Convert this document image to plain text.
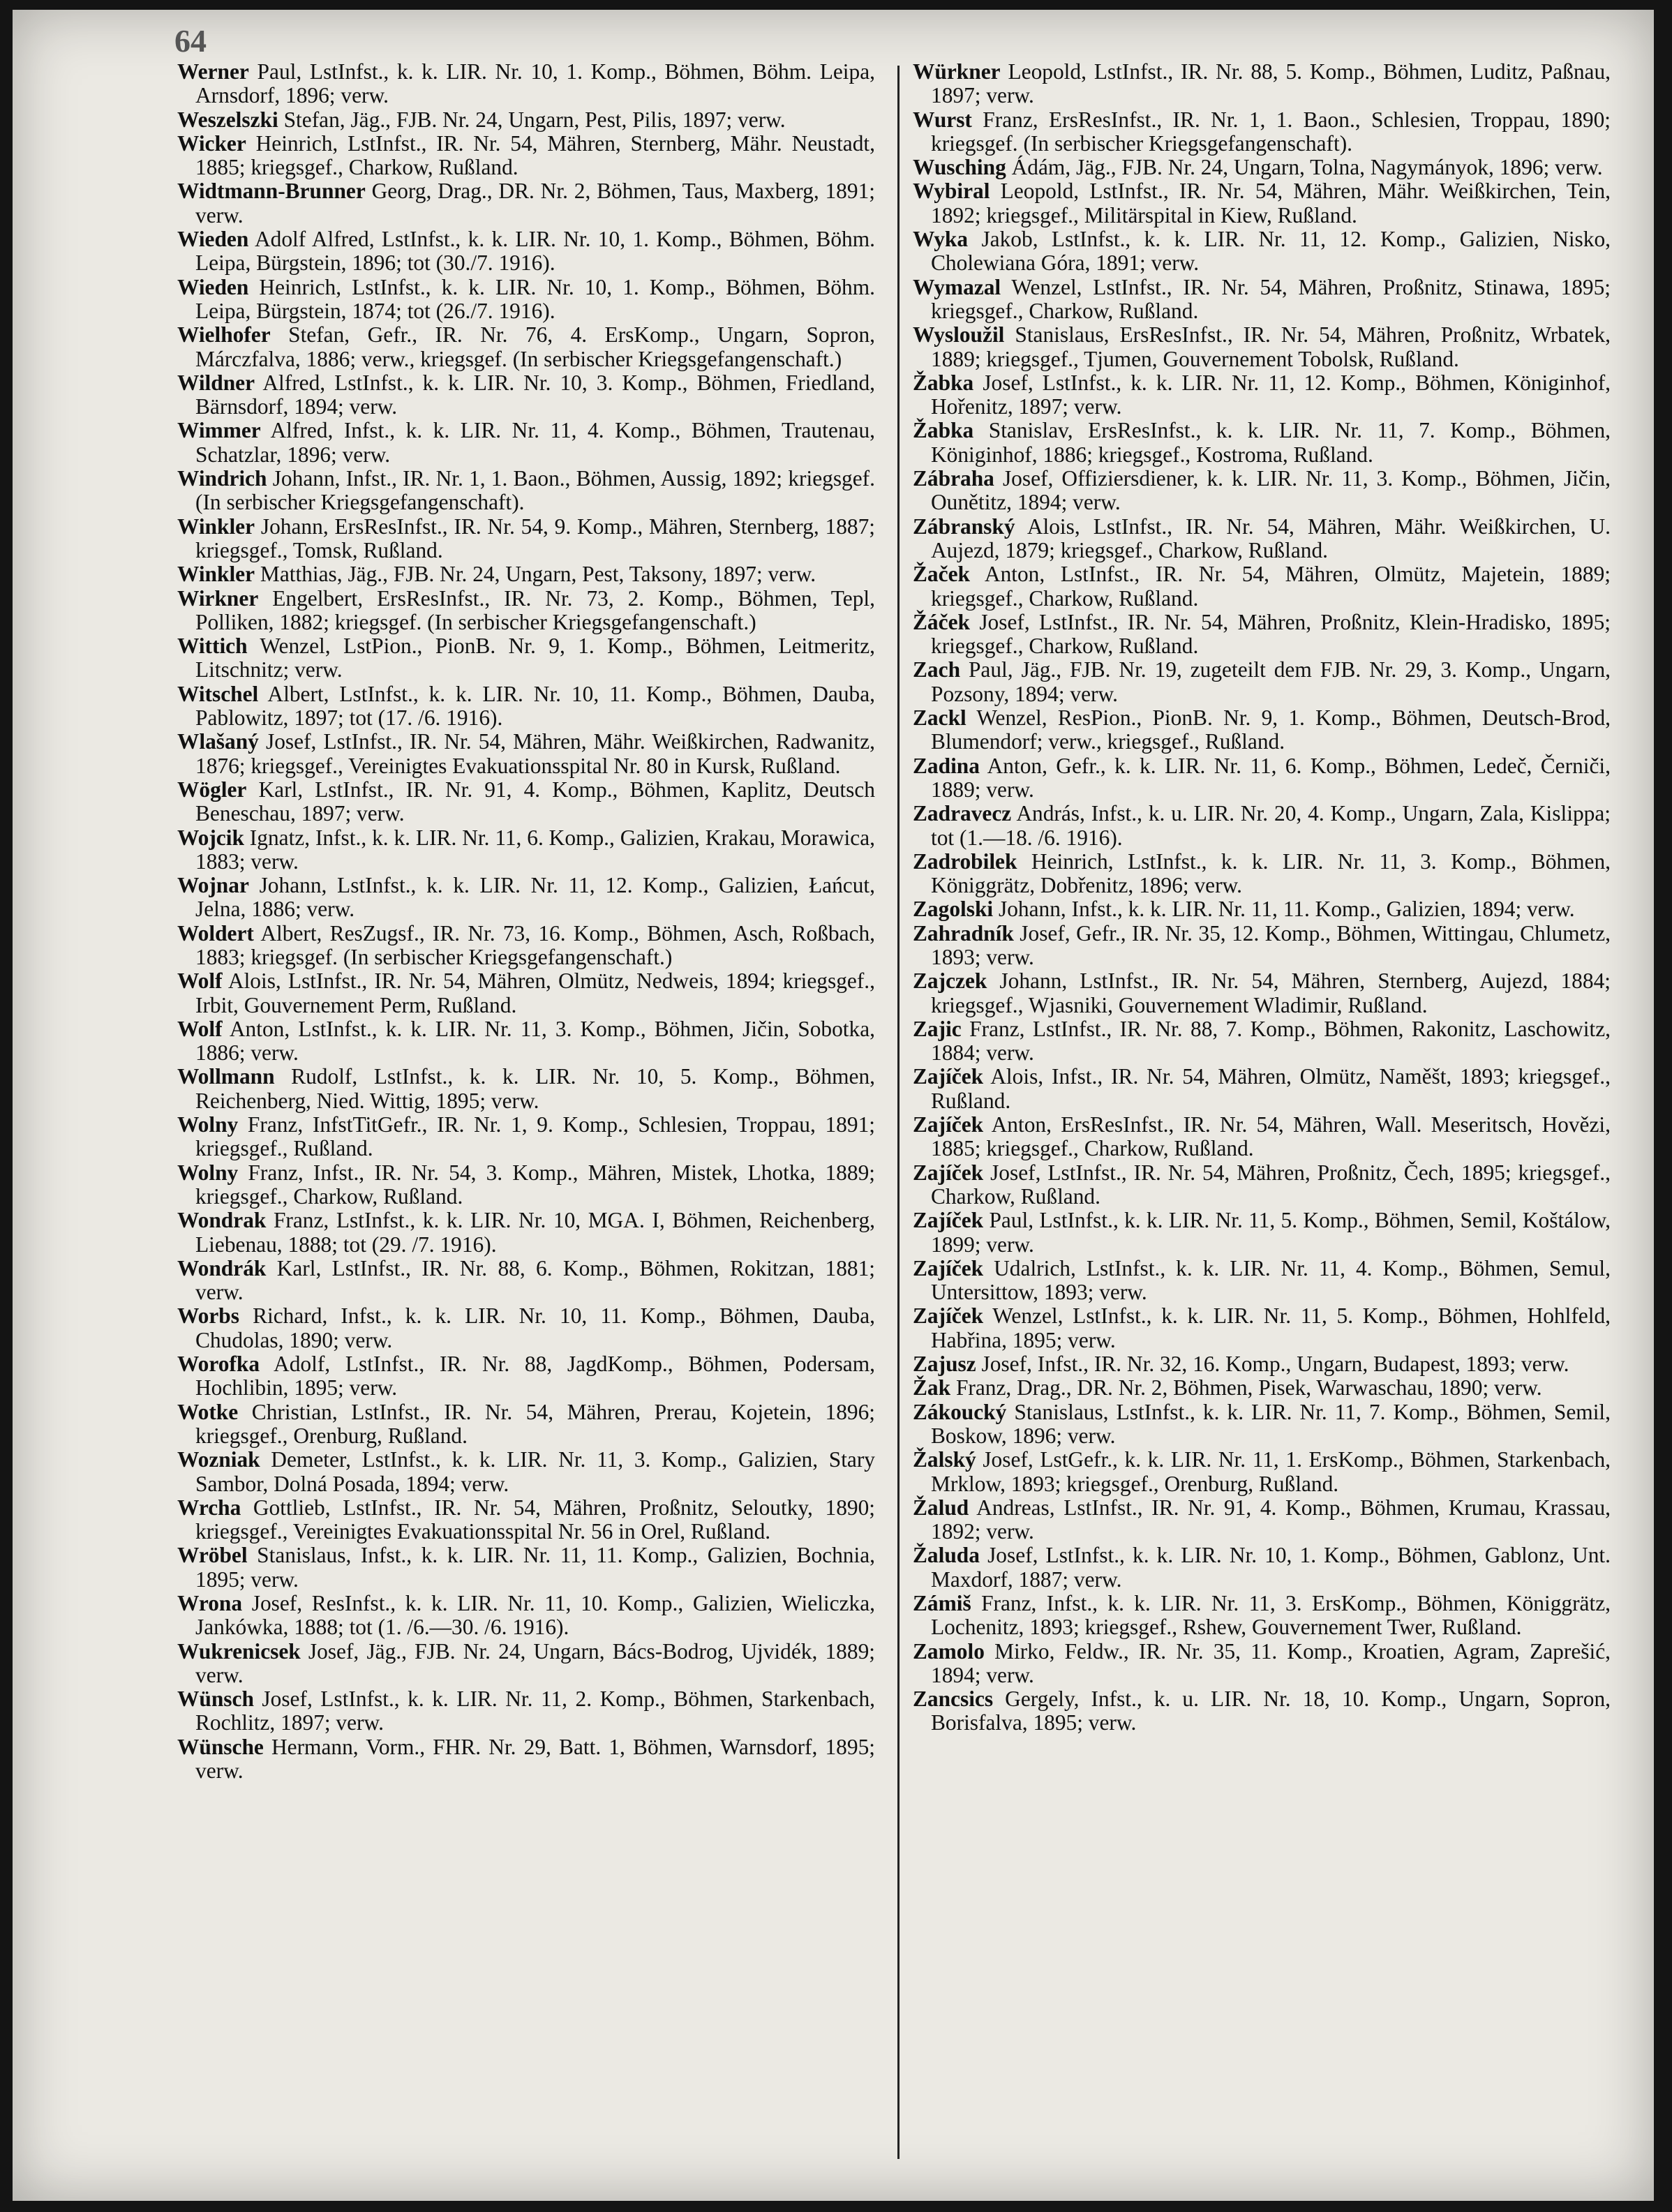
64

Werner Paul, LstInfst., k. k. LIR. Nr. 10, 1. Komp., Böhmen, Böhm. Leipa, Arnsdorf, 1896; verw.

Weszelszki Stefan, Jäg., FJB. Nr. 24, Ungarn, Pest, Pilis, 1897; verw.

Wicker Heinrich, LstInfst., IR. Nr. 54, Mähren, Sternberg, Mähr. Neustadt, 1885; kriegsgef., Charkow, Rußland.

Widtmann-Brunner Georg, Drag., DR. Nr. 2, Böhmen, Taus, Maxberg, 1891; verw.

Wieden Adolf Alfred, LstInfst., k. k. LIR. Nr. 10, 1. Komp., Böhmen, Böhm. Leipa, Bürgstein, 1896; tot (30./7. 1916).

Wieden Heinrich, LstInfst., k. k. LIR. Nr. 10, 1. Komp., Böhmen, Böhm. Leipa, Bürgstein, 1874; tot (26./7. 1916).

Wielhofer Stefan, Gefr., IR. Nr. 76, 4. ErsKomp., Ungarn, Sopron, Márczfalva, 1886; verw., kriegsgef. (In serbischer Kriegsgefangenschaft.)

Wildner Alfred, LstInfst., k. k. LIR. Nr. 10, 3. Komp., Böhmen, Friedland, Bärnsdorf, 1894; verw.

Wimmer Alfred, Infst., k. k. LIR. Nr. 11, 4. Komp., Böhmen, Trautenau, Schatzlar, 1896; verw.

Windrich Johann, Infst., IR. Nr. 1, 1. Baon., Böhmen, Aussig, 1892; kriegsgef. (In serbischer Kriegsgefangenschaft).

Winkler Johann, ErsResInfst., IR. Nr. 54, 9. Komp., Mähren, Sternberg, 1887; kriegsgef., Tomsk, Rußland.

Winkler Matthias, Jäg., FJB. Nr. 24, Ungarn, Pest, Taksony, 1897; verw.

Wirkner Engelbert, ErsResInfst., IR. Nr. 73, 2. Komp., Böhmen, Tepl, Polliken, 1882; kriegsgef. (In serbischer Kriegsgefangenschaft.)

Wittich Wenzel, LstPion., PionB. Nr. 9, 1. Komp., Böhmen, Leitmeritz, Litschnitz; verw.

Witschel Albert, LstInfst., k. k. LIR. Nr. 10, 11. Komp., Böhmen, Dauba, Pablowitz, 1897; tot (17. /6. 1916).

Wlašaný Josef, LstInfst., IR. Nr. 54, Mähren, Mähr. Weißkirchen, Radwanitz, 1876; kriegsgef., Vereinigtes Evakuationsspital Nr. 80 in Kursk, Rußland.

Wögler Karl, LstInfst., IR. Nr. 91, 4. Komp., Böhmen, Kaplitz, Deutsch Beneschau, 1897; verw.

Wojcik Ignatz, Infst., k. k. LIR. Nr. 11, 6. Komp., Galizien, Krakau, Morawica, 1883; verw.

Wojnar Johann, LstInfst., k. k. LIR. Nr. 11, 12. Komp., Galizien, Łańcut, Jelna, 1886; verw.

Woldert Albert, ResZugsf., IR. Nr. 73, 16. Komp., Böhmen, Asch, Roßbach, 1883; kriegsgef. (In serbischer Kriegsgefangenschaft.)

Wolf Alois, LstInfst., IR. Nr. 54, Mähren, Olmütz, Nedweis, 1894; kriegsgef., Irbit, Gouvernement Perm, Rußland.

Wolf Anton, LstInfst., k. k. LIR. Nr. 11, 3. Komp., Böhmen, Jičin, Sobotka, 1886; verw.

Wollmann Rudolf, LstInfst., k. k. LIR. Nr. 10, 5. Komp., Böhmen, Reichenberg, Nied. Wittig, 1895; verw.

Wolny Franz, InfstTitGefr., IR. Nr. 1, 9. Komp., Schlesien, Troppau, 1891; kriegsgef., Rußland.

Wolny Franz, Infst., IR. Nr. 54, 3. Komp., Mähren, Mistek, Lhotka, 1889; kriegsgef., Charkow, Rußland.

Wondrak Franz, LstInfst., k. k. LIR. Nr. 10, MGA. I, Böhmen, Reichenberg, Liebenau, 1888; tot (29. /7. 1916).

Wondrák Karl, LstInfst., IR. Nr. 88, 6. Komp., Böhmen, Rokitzan, 1881; verw.

Worbs Richard, Infst., k. k. LIR. Nr. 10, 11. Komp., Böhmen, Dauba, Chudolas, 1890; verw.

Worofka Adolf, LstInfst., IR. Nr. 88, JagdKomp., Böhmen, Podersam, Hochlibin, 1895; verw.

Wotke Christian, LstInfst., IR. Nr. 54, Mähren, Prerau, Kojetein, 1896; kriegsgef., Orenburg, Rußland.

Wozniak Demeter, LstInfst., k. k. LIR. Nr. 11, 3. Komp., Galizien, Stary Sambor, Dolná Posada, 1894; verw.

Wrcha Gottlieb, LstInfst., IR. Nr. 54, Mähren, Proßnitz, Seloutky, 1890; kriegsgef., Vereinigtes Evakuationsspital Nr. 56 in Orel, Rußland.

Wröbel Stanislaus, Infst., k. k. LIR. Nr. 11, 11. Komp., Galizien, Bochnia, 1895; verw.

Wrona Josef, ResInfst., k. k. LIR. Nr. 11, 10. Komp., Galizien, Wieliczka, Jankówka, 1888; tot (1. /6.—30. /6. 1916).

Wukrenicsek Josef, Jäg., FJB. Nr. 24, Ungarn, Bács-Bodrog, Ujvidék, 1889; verw.

Wünsch Josef, LstInfst., k. k. LIR. Nr. 11, 2. Komp., Böhmen, Starkenbach, Rochlitz, 1897; verw.

Wünsche Hermann, Vorm., FHR. Nr. 29, Batt. 1, Böhmen, Warnsdorf, 1895; verw.

Würkner Leopold, LstInfst., IR. Nr. 88, 5. Komp., Böhmen, Luditz, Paßnau, 1897; verw.

Wurst Franz, ErsResInfst., IR. Nr. 1, 1. Baon., Schlesien, Troppau, 1890; kriegsgef. (In serbischer Kriegsgefangenschaft).

Wusching Ádám, Jäg., FJB. Nr. 24, Ungarn, Tolna, Nagymányok, 1896; verw.

Wybiral Leopold, LstInfst., IR. Nr. 54, Mähren, Mähr. Weißkirchen, Tein, 1892; kriegsgef., Militärspital in Kiew, Rußland.

Wyka Jakob, LstInfst., k. k. LIR. Nr. 11, 12. Komp., Galizien, Nisko, Cholewiana Góra, 1891; verw.

Wymazal Wenzel, LstInfst., IR. Nr. 54, Mähren, Proßnitz, Stinawa, 1895; kriegsgef., Charkow, Rußland.

Wysloužil Stanislaus, ErsResInfst., IR. Nr. 54, Mähren, Proßnitz, Wrbatek, 1889; kriegsgef., Tjumen, Gouvernement Tobolsk, Rußland.

Žabka Josef, LstInfst., k. k. LIR. Nr. 11, 12. Komp., Böhmen, Königinhof, Hořenitz, 1897; verw.

Žabka Stanislav, ErsResInfst., k. k. LIR. Nr. 11, 7. Komp., Böhmen, Königinhof, 1886; kriegsgef., Kostroma, Rußland.

Zábraha Josef, Offiziersdiener, k. k. LIR. Nr. 11, 3. Komp., Böhmen, Jičin, Ounětitz, 1894; verw.

Zábranský Alois, LstInfst., IR. Nr. 54, Mähren, Mähr. Weißkirchen, U. Aujezd, 1879; kriegsgef., Charkow, Rußland.

Žaček Anton, LstInfst., IR. Nr. 54, Mähren, Olmütz, Majetein, 1889; kriegsgef., Charkow, Rußland.

Žáček Josef, LstInfst., IR. Nr. 54, Mähren, Proßnitz, Klein-Hradisko, 1895; kriegsgef., Charkow, Rußland.

Zach Paul, Jäg., FJB. Nr. 19, zugeteilt dem FJB. Nr. 29, 3. Komp., Ungarn, Pozsony, 1894; verw.

Zackl Wenzel, ResPion., PionB. Nr. 9, 1. Komp., Böhmen, Deutsch-Brod, Blumendorf; verw., kriegsgef., Rußland.

Zadina Anton, Gefr., k. k. LIR. Nr. 11, 6. Komp., Böhmen, Ledeč, Černiči, 1889; verw.

Zadravecz András, Infst., k. u. LIR. Nr. 20, 4. Komp., Ungarn, Zala, Kislippa; tot (1.—18. /6. 1916).

Zadrobilek Heinrich, LstInfst., k. k. LIR. Nr. 11, 3. Komp., Böhmen, Königgrätz, Dobřenitz, 1896; verw.

Zagolski Johann, Infst., k. k. LIR. Nr. 11, 11. Komp., Galizien, 1894; verw.

Zahradník Josef, Gefr., IR. Nr. 35, 12. Komp., Böhmen, Wittingau, Chlumetz, 1893; verw.

Zajczek Johann, LstInfst., IR. Nr. 54, Mähren, Sternberg, Aujezd, 1884; kriegsgef., Wjasniki, Gouvernement Wladimir, Rußland.

Zajic Franz, LstInfst., IR. Nr. 88, 7. Komp., Böhmen, Rakonitz, Laschowitz, 1884; verw.

Zajíček Alois, Infst., IR. Nr. 54, Mähren, Olmütz, Naměšt, 1893; kriegsgef., Rußland.

Zajíček Anton, ErsResInfst., IR. Nr. 54, Mähren, Wall. Meseritsch, Hovězi, 1885; kriegsgef., Charkow, Rußland.

Zajíček Josef, LstInfst., IR. Nr. 54, Mähren, Proßnitz, Čech, 1895; kriegsgef., Charkow, Rußland.

Zajíček Paul, LstInfst., k. k. LIR. Nr. 11, 5. Komp., Böhmen, Semil, Koštálow, 1899; verw.

Zajíček Udalrich, LstInfst., k. k. LIR. Nr. 11, 4. Komp., Böhmen, Semul, Untersittow, 1893; verw.

Zajíček Wenzel, LstInfst., k. k. LIR. Nr. 11, 5. Komp., Böhmen, Hohlfeld, Habřina, 1895; verw.

Zajusz Josef, Infst., IR. Nr. 32, 16. Komp., Ungarn, Budapest, 1893; verw.

Žak Franz, Drag., DR. Nr. 2, Böhmen, Pisek, Warwaschau, 1890; verw.

Zákoucký Stanislaus, LstInfst., k. k. LIR. Nr. 11, 7. Komp., Böhmen, Semil, Boskow, 1896; verw.

Žalský Josef, LstGefr., k. k. LIR. Nr. 11, 1. ErsKomp., Böhmen, Starkenbach, Mrklow, 1893; kriegsgef., Orenburg, Rußland.

Žalud Andreas, LstInfst., IR. Nr. 91, 4. Komp., Böhmen, Krumau, Krassau, 1892; verw.

Žaluda Josef, LstInfst., k. k. LIR. Nr. 10, 1. Komp., Böhmen, Gablonz, Unt. Maxdorf, 1887; verw.

Zámiš Franz, Infst., k. k. LIR. Nr. 11, 3. ErsKomp., Böhmen, Königgrätz, Lochenitz, 1893; kriegsgef., Rshew, Gouvernement Twer, Rußland.

Zamolo Mirko, Feldw., IR. Nr. 35, 11. Komp., Kroatien, Agram, Zaprešić, 1894; verw.

Zancsics Gergely, Infst., k. u. LIR. Nr. 18, 10. Komp., Ungarn, Sopron, Borisfalva, 1895; verw.
